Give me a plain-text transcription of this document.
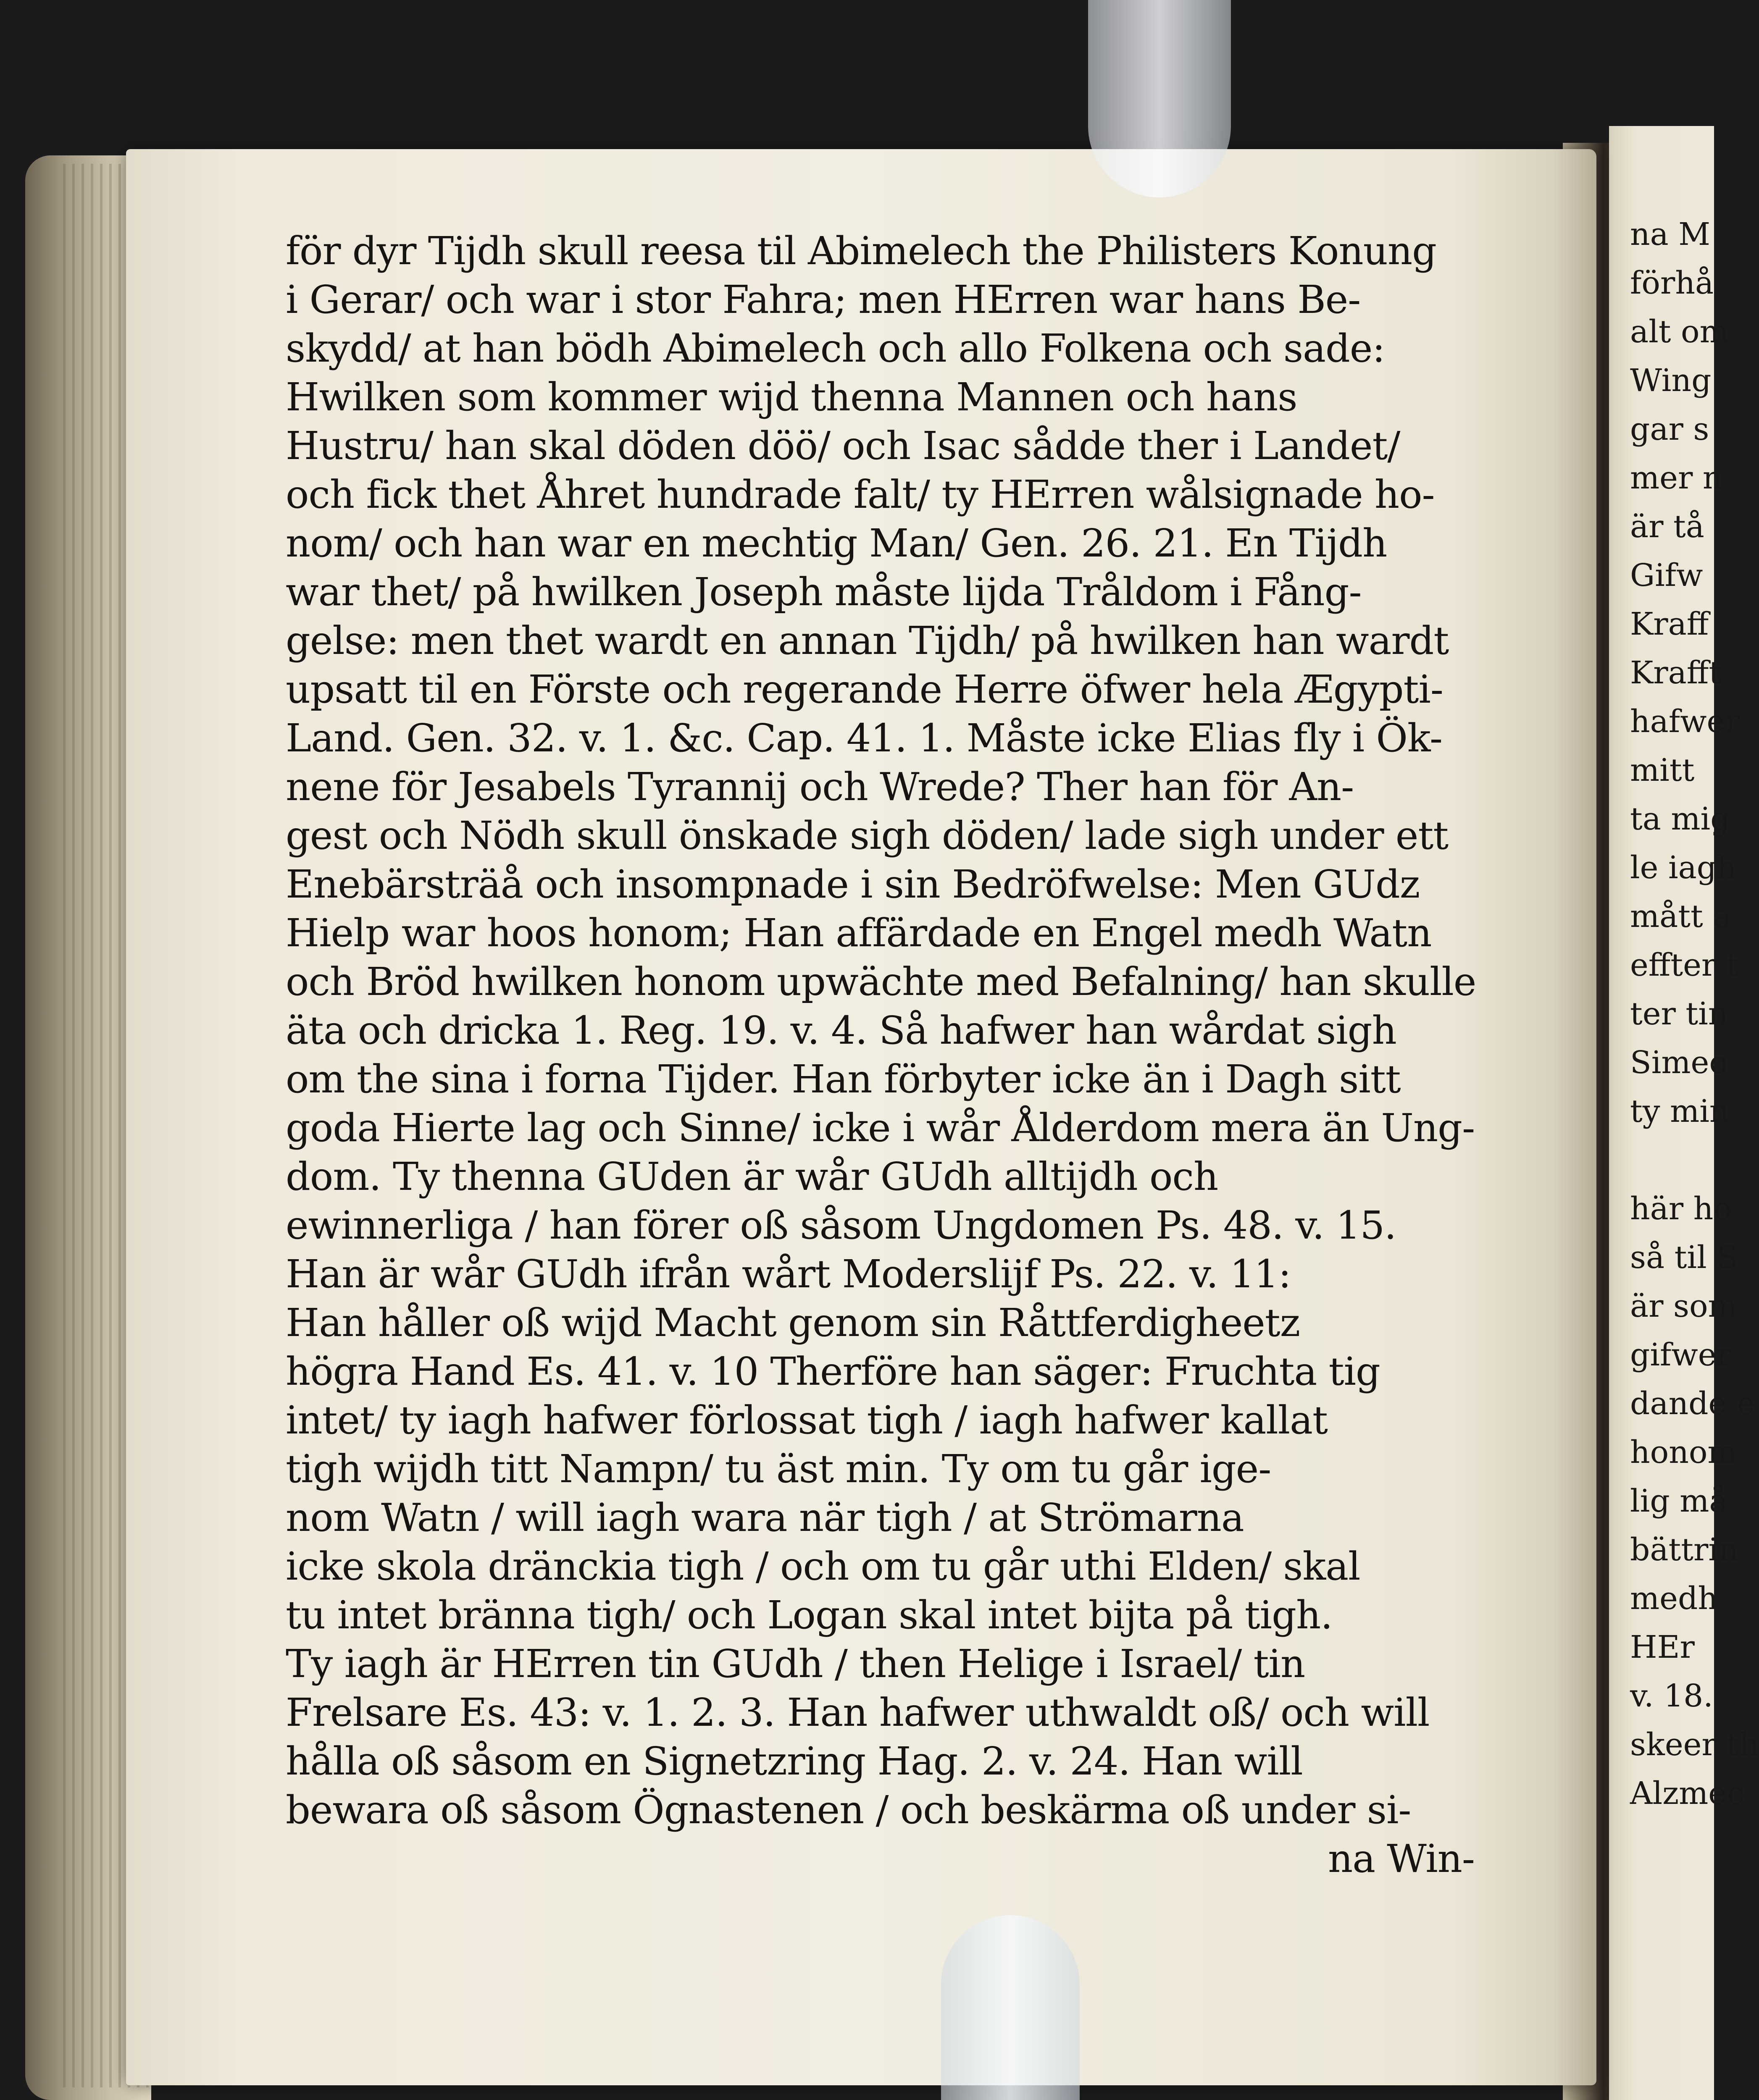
för dyr Tijdh skull reesa til Abimelech the Philisters Konung
i Gerar/ och war i stor Fahra; men HErren war hans Be-
skydd/ at han bödh Abimelech och allo Folkena och sade:
Hwilken som kommer wijd thenna Mannen och hans
Hustru/ han skal döden döö/ och Isac sådde ther i Landet/
och fick thet Åhret hundrade falt/ ty HErren wålsignade ho-
nom/ och han war en mechtig Man/ Gen. 26. 21. En Tijdh
war thet/ på hwilken Joseph måste lijda Tråldom i Fång-
gelse: men thet wardt en annan Tijdh/ på hwilken han wardt
upsatt til en Förste och regerande Herre öfwer hela Ægypti-
Land. Gen. 32. v. 1. &c. Cap. 41. 1. Måste icke Elias fly i Ök-
nene för Jesabels Tyrannij och Wrede? Ther han för An-
gest och Nödh skull önskade sigh döden/ lade sigh under ett
Enebärsträå och insompnade i sin Bedröfwelse: Men GUdz
Hielp war hoos honom; Han affärdade en Engel medh Watn
och Bröd hwilken honom upwächte med Befalning/ han skulle
äta och dricka 1. Reg. 19. v. 4. Så hafwer han wårdat sigh
om the sina i forna Tijder. Han förbyter icke än i Dagh sitt
goda Hierte lag och Sinne/ icke i wår Ålderdom mera än Ung-
dom. Ty thenna GUden är wår GUdh alltijdh och
ewinnerliga / han förer oß såsom Ungdomen Ps. 48. v. 15.
Han är wår GUdh ifrån wårt Moderslijf Ps. 22. v. 11:
Han håller oß wijd Macht genom sin Råttferdigheetz
högra Hand Es. 41. v. 10 Therföre han säger: Fruchta tig
intet/ ty iagh hafwer förlossat tigh / iagh hafwer kallat
tigh wijdh titt Nampn/ tu äst min. Ty om tu går ige-
nom Watn / will iagh wara när tigh / at Strömarna
icke skola dränckia tigh / och om tu går uthi Elden/ skal
tu intet bränna tigh/ och Logan skal intet bijta på tigh.
Ty iagh är HErren tin GUdh / then Helige i Israel/ tin
Frelsare Es. 43: v. 1. 2. 3. Han hafwer uthwaldt oß/ och will
hålla oß såsom en Signetzring Hag. 2. v. 24. Han will
bewara oß såsom Ögnastenen / och beskärma oß under si-
na Win-
na M
förhå
alt om
Wing
gar s
mer n
är tå
Gifw
Kraff
Krafft
hafwer
mitt
ta mig
le iagh
mått a
effter t
ter tin
Simeo
ty min
här ho
så til S
är som
gifwer
dande e
honom
lig må
bättrin
medh
HEr
v. 18.
skeer th
Alzmec
